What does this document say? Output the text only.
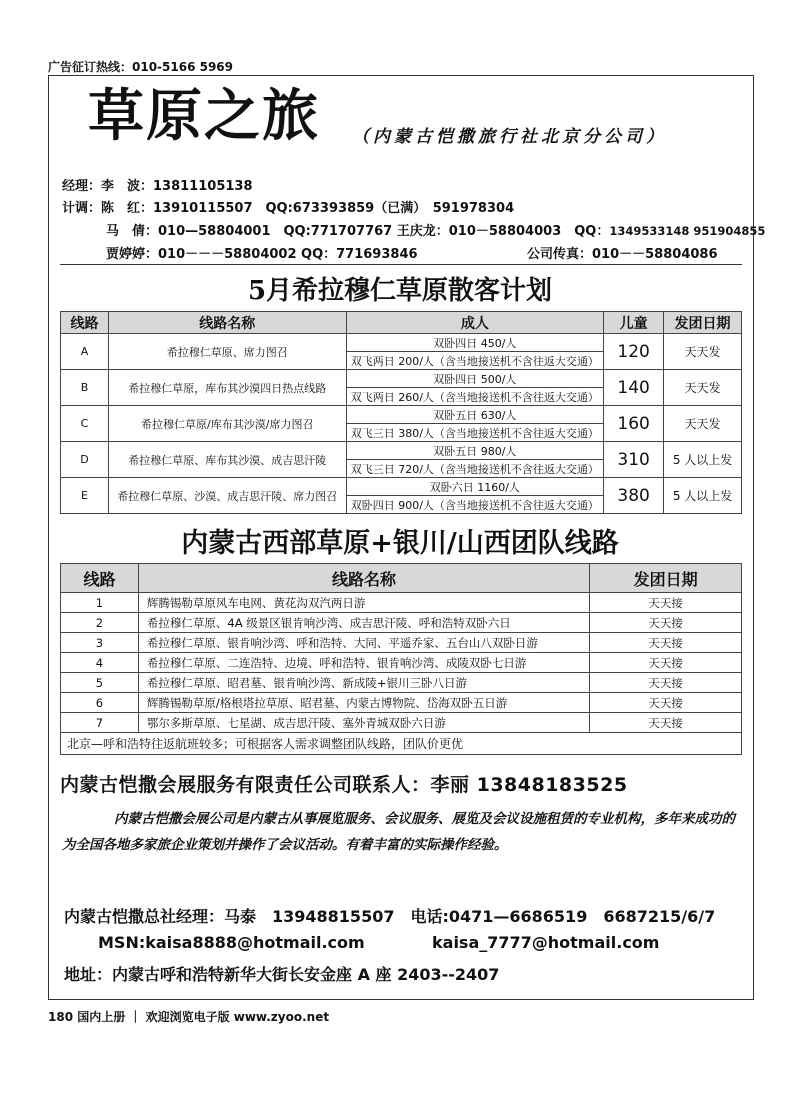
广告征订热线：010-5166 5969
草原之旅 （内蒙古恺撒旅行社北京分公司）
经理：李　波：13811105138
计调：陈　红：13910115507　QQ:673393859（已满）　591978304
马　倩：010—58804001　QQ:771707767 王庆龙：010－58804003　QQ：1349533148 951904855
贾婷婷：010－－－58804002 QQ：771693846	公司传真：010－－58804086
5月希拉穆仁草原散客计划
线路	线路名称	成人	儿童	发团日期
A	希拉穆仁草原、席力图召	双卧四日 450/人	120	天天发
		双飞两日 200/人（含当地接送机不含往返大交通）		
B	希拉穆仁草原，库布其沙漠四日热点线路	双卧四日 500/人	140	天天发
		双飞两日 260/人（含当地接送机不含往返大交通）		
C	希拉穆仁草原/库布其沙漠/席力图召	双卧五日 630/人	160	天天发
		双飞三日 380/人（含当地接送机不含往返大交通）		
D	希拉穆仁草原、库布其沙漠、成吉思汗陵	双卧五日 980/人	310	5 人以上发
		双飞三日 720/人（含当地接送机不含往返大交通）		
E	希拉穆仁草原、沙漠、成吉思汗陵、席力图召	双卧六日 1160/人	380	5 人以上发
		双卧四日 900/人（含当地接送机不含往返大交通）		
内蒙古西部草原+银川/山西团队线路
线路	线路名称	发团日期
1	辉腾锡勒草原风车电网、黄花沟双汽两日游	天天接
2	希拉穆仁草原、4A 级景区银肯响沙湾、成吉思汗陵、呼和浩特双卧六日	天天接
3	希拉穆仁草原、银肯响沙湾、呼和浩特、大同、平遥乔家、五台山八双卧日游	天天接
4	希拉穆仁草原、二连浩特、边境、呼和浩特、银肯响沙湾、成陵双卧七日游	天天接
5	希拉穆仁草原、昭君墓、银肯响沙湾、新成陵+银川三卧八日游	天天接
6	辉腾锡勒草原/格根塔拉草原、昭君墓、内蒙古博物院、岱海双卧五日游	天天接
7	鄂尔多斯草原、七星湖、成吉思汗陵、塞外青城双卧六日游	天天接
北京—呼和浩特往返航班较多；可根据客人需求调整团队线路，团队价更优		
内蒙古恺撒会展服务有限责任公司联系人：李丽 13848183525
内蒙古恺撒会展公司是内蒙古从事展览服务、会议服务、展览及会议设施租赁的专业机构，多年来成功的为全国各地多家旅企业策划并操作了会议活动。有着丰富的实际操作经验。
内蒙古恺撒总社经理：马泰　13948815507　电话:0471—6686519　6687215/6/7
MSN:kaisa8888@hotmail.com	kaisa_7777@hotmail.com
地址：内蒙古呼和浩特新华大街长安金座 A 座 2403--2407
180 国内上册 ｜ 欢迎浏览电子版 www.zyoo.net
